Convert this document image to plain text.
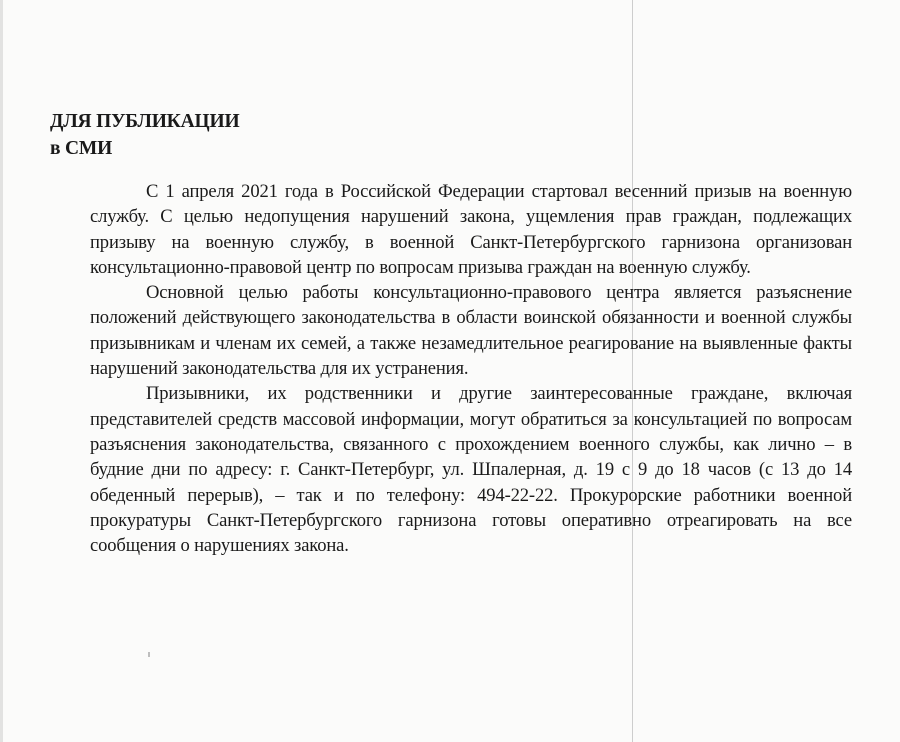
ДЛЯ ПУБЛИКАЦИИ
в СМИ

С 1 апреля 2021 года в Российской Федерации стартовал весенний призыв на военную службу. С целью недопущения нарушений закона, ущемления прав граждан, подлежащих призыву на военную службу, в военной Санкт-Петербургского гарнизона организован консультационно-правовой центр по вопросам призыва граждан на военную службу.

Основной целью работы консультационно-правового центра является разъяснение положений действующего законодательства в области воинской обязанности и военной службы призывникам и членам их семей, а также незамедлительное реагирование на выявленные факты нарушений законодательства для их устранения.

Призывники, их родственники и другие заинтересованные граждане, включая представителей средств массовой информации, могут обратиться за консультацией по вопросам разъяснения законодательства, связанного с прохождением военного службы, как лично – в будние дни по адресу: г. Санкт-Петербург, ул. Шпалерная, д. 19 с 9 до 18 часов (с 13 до 14 обеденный перерыв), – так и по телефону: 494-22-22. Прокурорские работники военной прокуратуры Санкт-Петербургского гарнизона готовы оперативно отреагировать на все сообщения о нарушениях закона.
